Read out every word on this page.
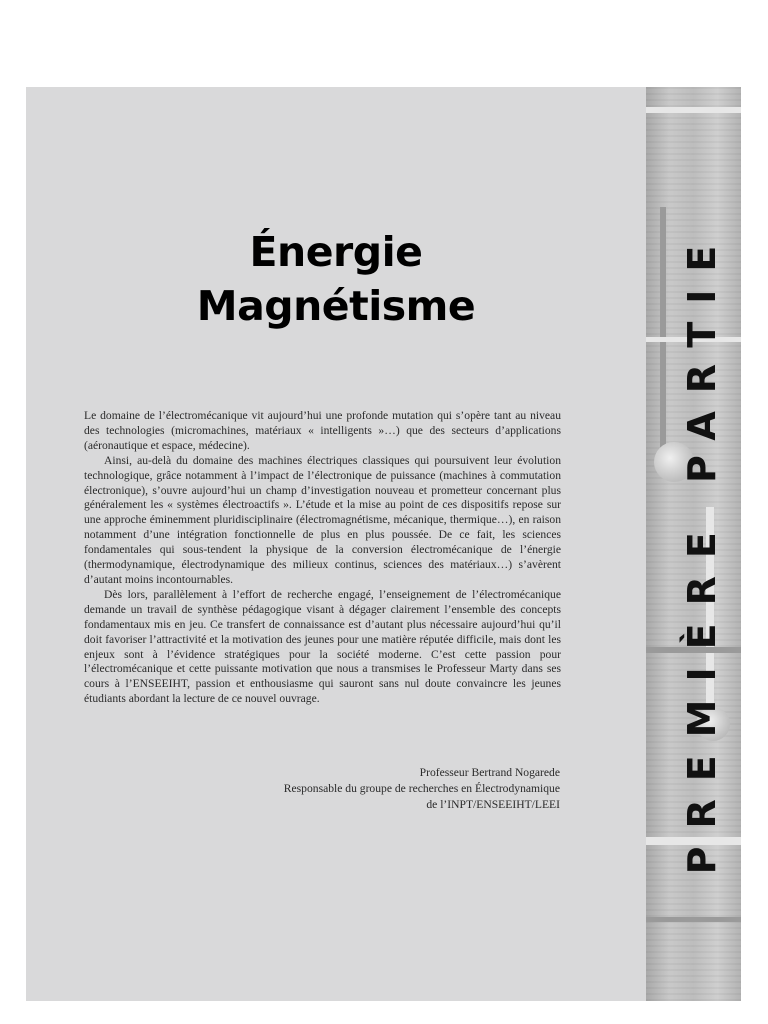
PREMIÈRE PARTIE
Énergie
Magnétisme

Le domaine de l’électromécanique vit aujourd’hui une profonde mutation qui s’opère tant au niveau des technologies (micromachines, matériaux « intelligents »…) que des secteurs d’applications (aéronautique et espace, médecine).

Ainsi, au-delà du domaine des machines électriques classiques qui poursuivent leur évolution technologique, grâce notamment à l’impact de l’électronique de puissance (machines à commutation électronique), s’ouvre aujourd’hui un champ d’investigation nouveau et prometteur concernant plus généralement les « systèmes électroactifs ». L’étude et la mise au point de ces dispositifs repose sur une approche éminemment pluridisciplinaire (électromagnétisme, mécanique, thermique…), en raison notamment d’une intégration fonctionnelle de plus en plus poussée. De ce fait, les sciences fondamentales qui sous-tendent la physique de la conversion électromécanique de l’énergie (thermodynamique, électrodynamique des milieux continus, sciences des matériaux…) s’avèrent d’autant moins incontournables.

Dès lors, parallèlement à l’effort de recherche engagé, l’enseignement de l’électromécanique demande un travail de synthèse pédagogique visant à dégager clairement l’ensemble des concepts fondamentaux mis en jeu. Ce transfert de connaissance est d’autant plus nécessaire aujourd’hui qu’il doit favoriser l’attractivité et la motivation des jeunes pour une matière réputée difficile, mais dont les enjeux sont à l’évidence stratégiques pour la société moderne. C’est cette passion pour l’électromécanique et cette puissante motivation que nous a transmises le Professeur Marty dans ses cours à l’ENSEEIHT, passion et enthousiasme qui sauront sans nul doute convaincre les jeunes étudiants abordant la lecture de ce nouvel ouvrage.

Professeur Bertrand Nogarede
Responsable du groupe de recherches en Électrodynamique
de l’INPT/ENSEEIHT/LEEI
